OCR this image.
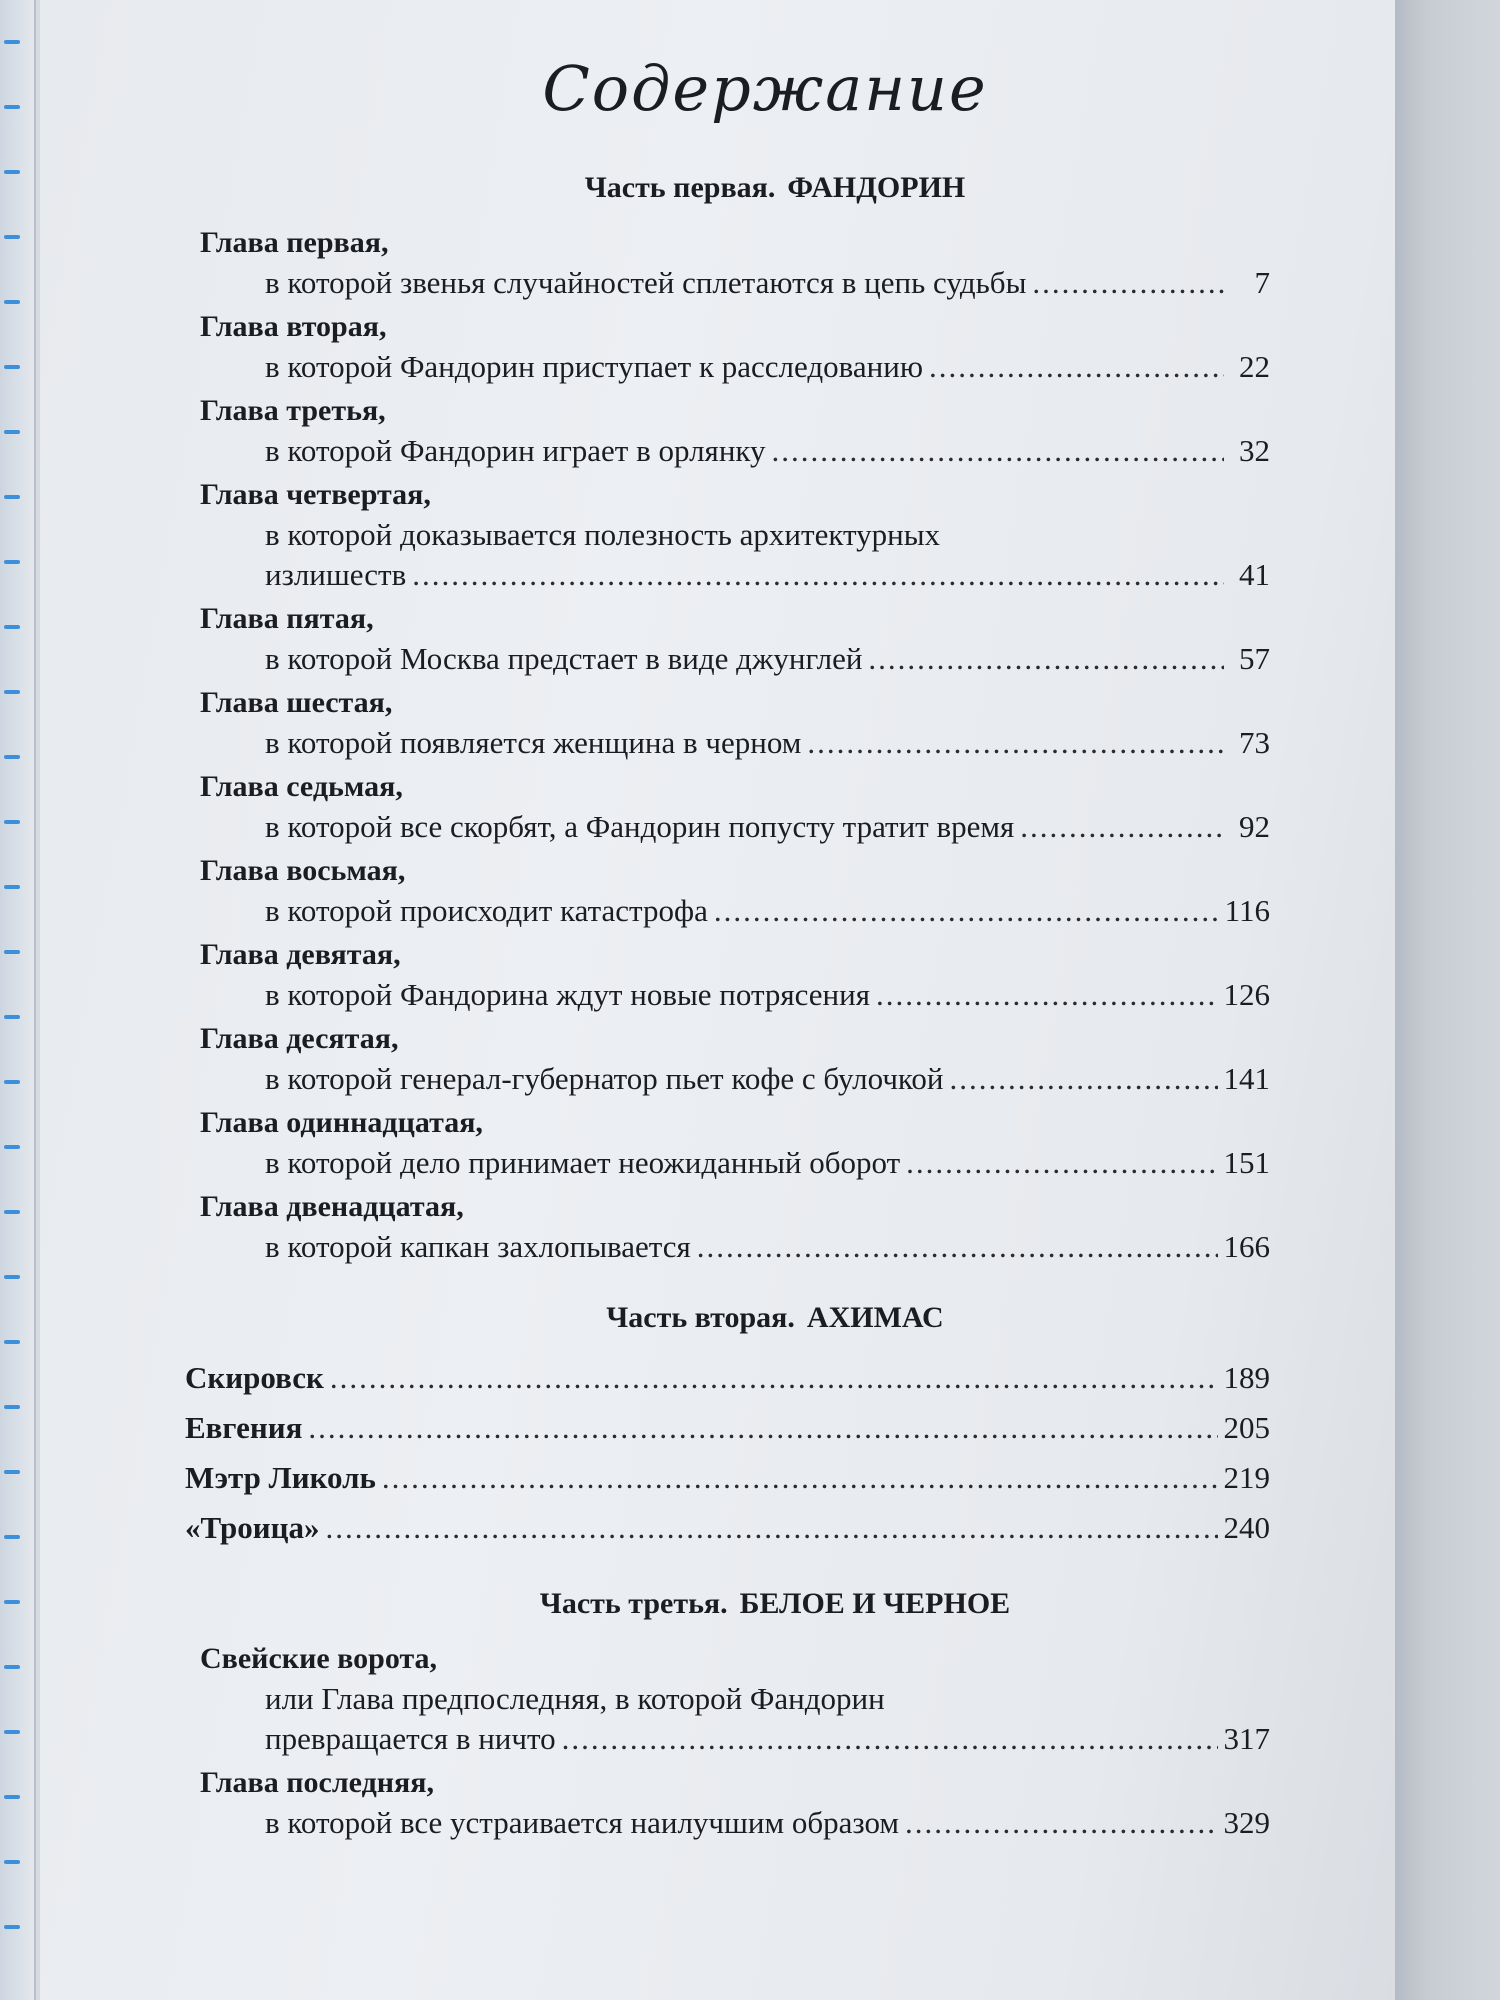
Содержание
Часть первая. ФАНДОРИН
Глава первая,
в которой звенья случайностей сплетаются в цепь судьбы .....	7
Глава вторая,
в которой Фандорин приступает к расследованию .....	22
Глава третья,
в которой Фандорин играет в орлянку .....	32
Глава четвертая,
в которой доказывается полезность архитектурных
излишеств .....	41
Глава пятая,
в которой Москва предстает в виде джунглей .....	57
Глава шестая,
в которой появляется женщина в черном .....	73
Глава седьмая,
в которой все скорбят, а Фандорин попусту тратит время .....	92
Глава восьмая,
в которой происходит катастрофа .....	116
Глава девятая,
в которой Фандорина ждут новые потрясения .....	126
Глава десятая,
в которой генерал-губернатор пьет кофе с булочкой .....	141
Глава одиннадцатая,
в которой дело принимает неожиданный оборот .....	151
Глава двенадцатая,
в которой капкан захлопывается .....	166
Часть вторая. АХИМАС
Скировск .....	189
Евгения .....	205
Мэтр Ликоль .....	219
«Троица» .....	240
Часть третья. БЕЛОЕ И ЧЕРНОЕ
Свейские ворота,
или Глава предпоследняя, в которой Фандорин
превращается в ничто .....	317
Глава последняя,
в которой все устраивается наилучшим образом .....	329
